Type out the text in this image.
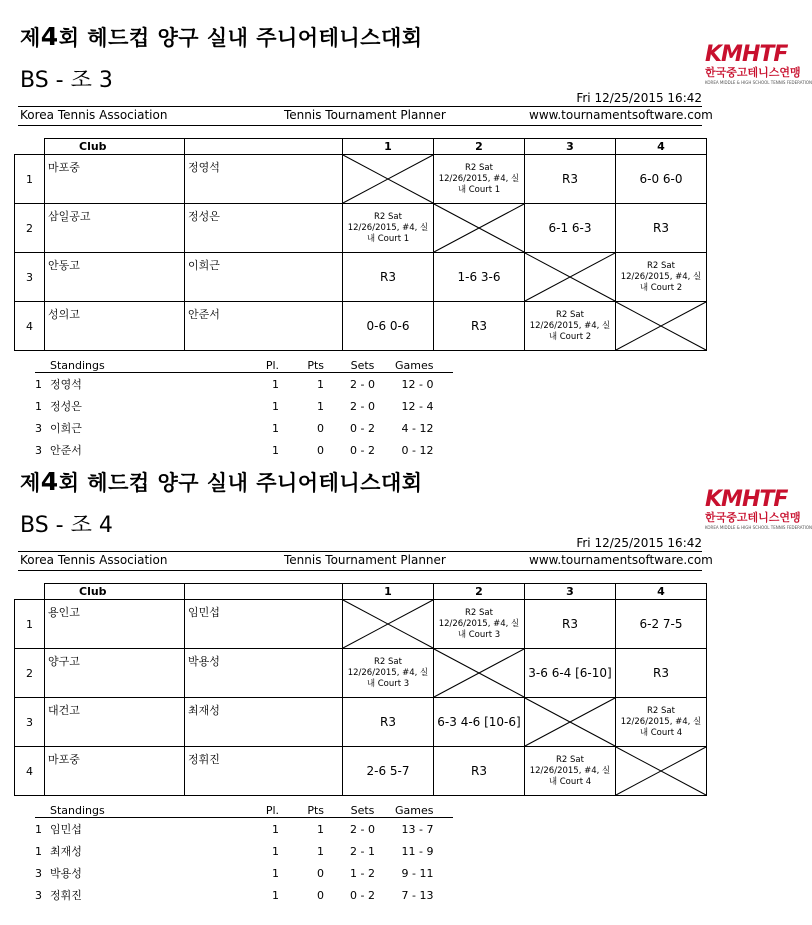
제4회 헤드컵 양구 실내 주니어테니스대회
BS - 조 3
KMHTF
한국중고테니스연맹
KOREA MIDDLE & HIGH SCHOOL TENNIS FEDERATION
Fri 12/25/2015 16:42
Korea Tennis Association	Tennis Tournament Planner	www.tournamentsoftware.com
	Club		1	2	3	4
1	마포중	정영석		R2 Sat
12/26/2015, #4, 실
내 Court 1	R3	6-0 6-0
2	삼일공고	정성은	R2 Sat
12/26/2015, #4, 실
내 Court 1		6-1 6-3	R3
3	안동고	이희근	R3	1-6 3-6		R2 Sat
12/26/2015, #4, 실
내 Court 2

4	성의고	안준서	0-6 0-6	R3	R2 Sat
12/26/2015, #4, 실
내 Court 2

Standings	Pl.	Pts	Sets	Games
1 정영석	1	1	2 - 0	12 - 0
1 정성은	1	1	2 - 0	12 - 4
3 이희근	1	0	0 - 2	4 - 12
3 안준서	1	0	0 - 2	0 - 12
제4회 헤드컵 양구 실내 주니어테니스대회
BS - 조 4
KMHTF
한국중고테니스연맹
KOREA MIDDLE & HIGH SCHOOL TENNIS FEDERATION
Fri 12/25/2015 16:42
Korea Tennis Association	Tennis Tournament Planner	www.tournamentsoftware.com
	Club		1	2	3	4
1	용인고	임민섭		R2 Sat
12/26/2015, #4, 실
내 Court 3	R3	6-2 7-5
2	양구고	박용성	R2 Sat
12/26/2015, #4, 실
내 Court 3		3-6 6-4 [6-10]	R3
3	대건고	최재성	R3	6-3 4-6 [10-6]		R2 Sat
12/26/2015, #4, 실
내 Court 4

4	마포중	정휘진	2-6 5-7	R3	R2 Sat
12/26/2015, #4, 실
내 Court 4

Standings	Pl.	Pts	Sets	Games
1 임민섭	1	1	2 - 0	13 - 7
1 최재성	1	1	2 - 1	11 - 9
3 박용성	1	0	1 - 2	9 - 11
3 정휘진	1	0	0 - 2	7 - 13
